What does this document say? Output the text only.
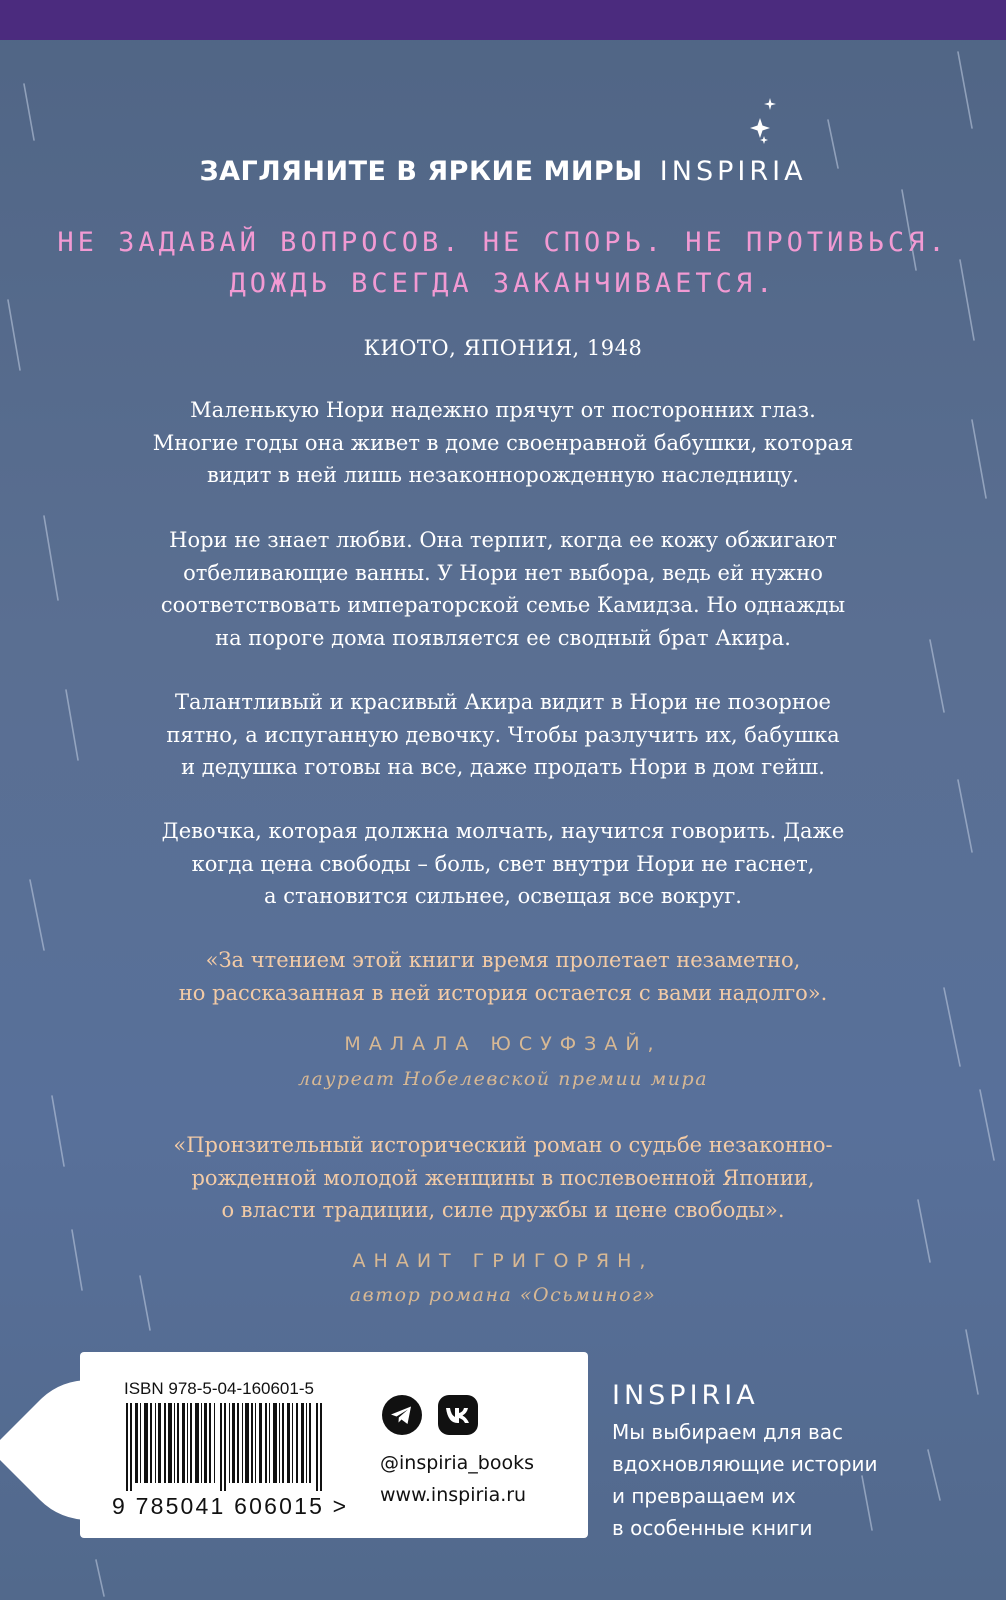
ЗАГЛЯНИТЕ В ЯРКИЕ МИРЫ INSPIRIA
НЕ ЗАДАВАЙ ВОПРОСОВ. НЕ СПОРЬ. НЕ ПРОТИВЬСЯ.
ДОЖДЬ ВСЕГДА ЗАКАНЧИВАЕТСЯ.
КИОТО, ЯПОНИЯ, 1948
Маленькую Нори надежно прячут от посторонних глаз.
Многие годы она живет в доме своенравной бабушки, которая
видит в ней лишь незаконнорожденную наследницу.
Нори не знает любви. Она терпит, когда ее кожу обжигают
отбеливающие ванны. У Нори нет выбора, ведь ей нужно
соответствовать императорской семье Камидза. Но однажды
на пороге дома появляется ее сводный брат Акира.
Талантливый и красивый Акира видит в Нори не позорное
пятно, а испуганную девочку. Чтобы разлучить их, бабушка
и дедушка готовы на все, даже продать Нори в дом гейш.
Девочка, которая должна молчать, научится говорить. Даже
когда цена свободы – боль, свет внутри Нори не гаснет,
а становится сильнее, освещая все вокруг.
«За чтением этой книги время пролетает незаметно,
но рассказанная в ней история остается с вами надолго».
МАЛАЛА ЮСУФЗАЙ,
лауреат Нобелевской премии мира
«Пронзительный исторический роман о судьбе незаконно-
рожденной молодой женщины в послевоенной Японии,
о власти традиции, силе дружбы и цене свободы».
АНАИТ ГРИГОРЯН,
автор романа «Осьминог»
ISBN 978-5-04-160601-5
9 785041 606015 >
@inspiria_books
www.inspiria.ru
INSPIRIA
Мы выбираем для вас
вдохновляющие истории
и превращаем их
в особенные книги
